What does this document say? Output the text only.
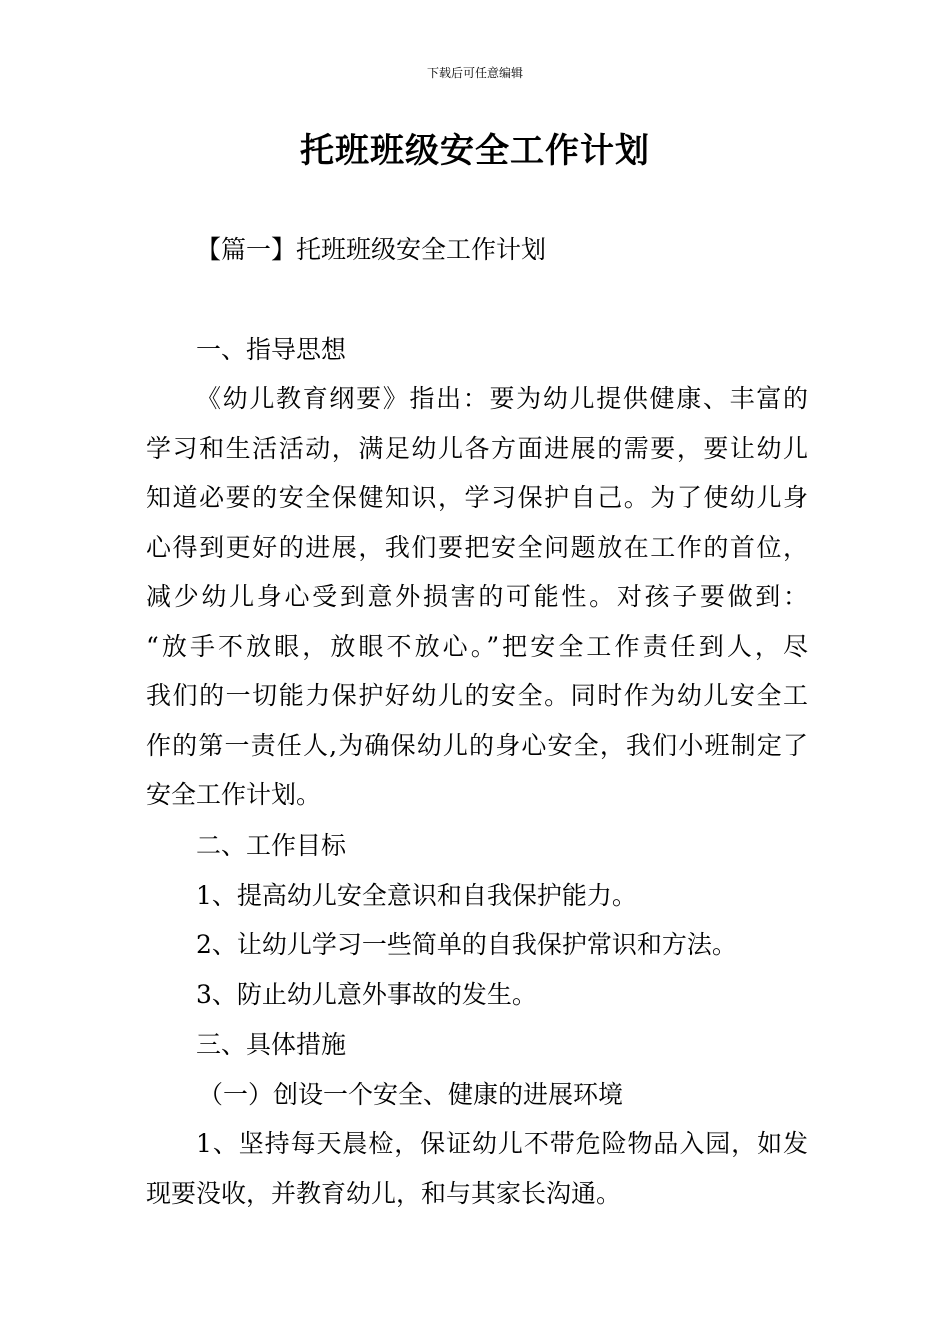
下载后可任意编辑
托班班级安全工作计划
【篇一】托班班级安全工作计划
一、指导思想
《幼儿教育纲要》指出：要为幼儿提供健康、丰富的
学习和生活活动，满足幼儿各方面进展的需要，要让幼儿
知道必要的安全保健知识，学习保护自己。为了使幼儿身
心得到更好的进展，我们要把安全问题放在工作的首位，
减少幼儿身心受到意外损害的可能性。对孩子要做到：
“放手不放眼，放眼不放心。”把安全工作责任到人，尽
我们的一切能力保护好幼儿的安全。同时作为幼儿安全工
作的第一责任人,为确保幼儿的身心安全，我们小班制定了
安全工作计划。
二、工作目标
1、提高幼儿安全意识和自我保护能力。
2、让幼儿学习一些简单的自我保护常识和方法。
3、防止幼儿意外事故的发生。
三、具体措施
（一）创设一个安全、健康的进展环境
1、坚持每天晨检，保证幼儿不带危险物品入园，如发
现要没收，并教育幼儿，和与其家长沟通。
